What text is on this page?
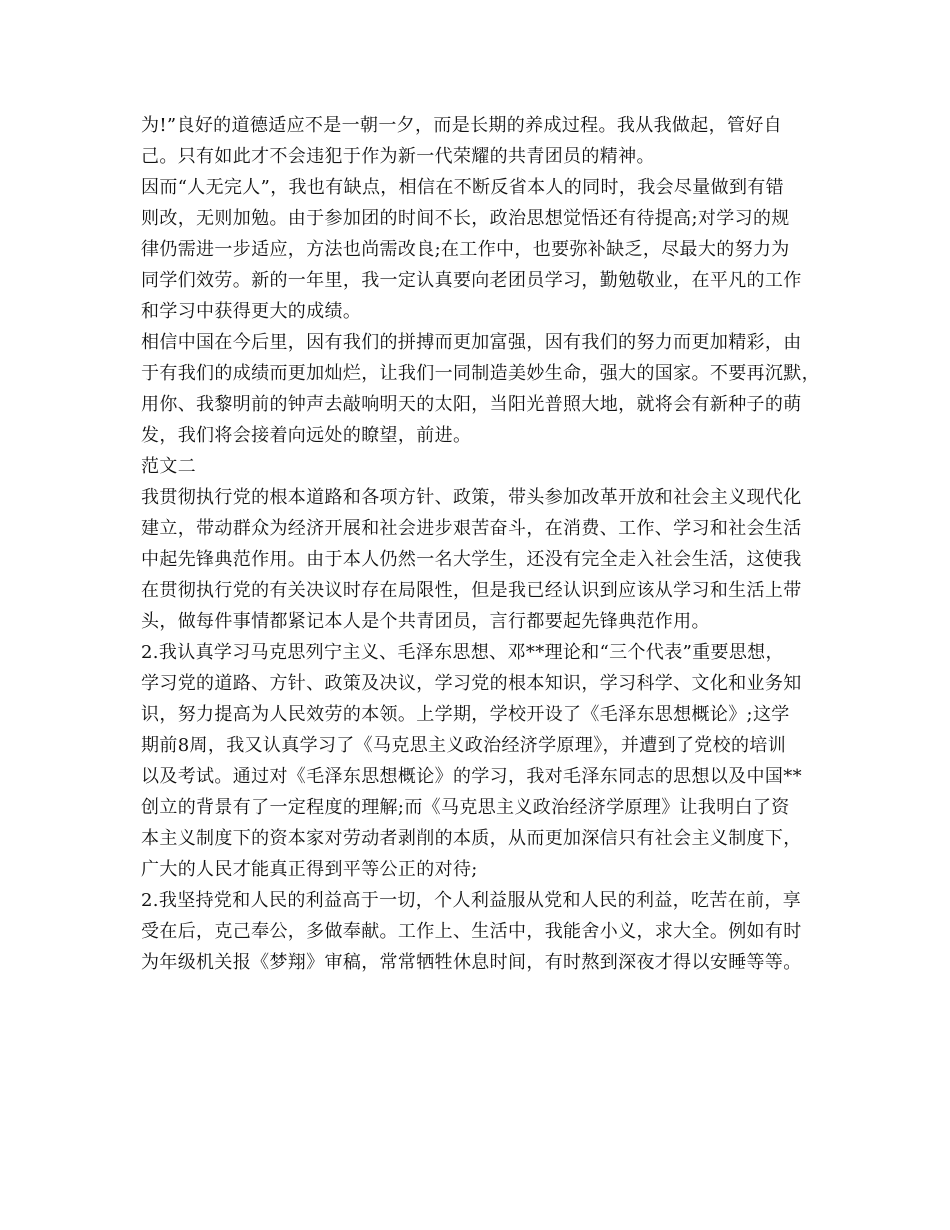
为!”良好的道德适应不是一朝一夕，而是长期的养成过程。我从我做起，管好自
己。只有如此才不会违犯于作为新一代荣耀的共青团员的精神。
因而“人无完人”，我也有缺点，相信在不断反省本人的同时，我会尽量做到有错
则改，无则加勉。由于参加团的时间不长，政治思想觉悟还有待提高;对学习的规
律仍需进一步适应，方法也尚需改良;在工作中，也要弥补缺乏，尽最大的努力为
同学们效劳。新的一年里，我一定认真要向老团员学习，勤勉敬业，在平凡的工作
和学习中获得更大的成绩。
相信中国在今后里，因有我们的拼搏而更加富强，因有我们的努力而更加精彩，由
于有我们的成绩而更加灿烂，让我们一同制造美妙生命，强大的国家。不要再沉默，
用你、我黎明前的钟声去敲响明天的太阳，当阳光普照大地，就将会有新种子的萌
发，我们将会接着向远处的瞭望，前进。
范文二
我贯彻执行党的根本道路和各项方针、政策，带头参加改革开放和社会主义现代化
建立，带动群众为经济开展和社会进步艰苦奋斗，在消费、工作、学习和社会生活
中起先锋典范作用。由于本人仍然一名大学生，还没有完全走入社会生活，这使我
在贯彻执行党的有关决议时存在局限性，但是我已经认识到应该从学习和生活上带
头，做每件事情都紧记本人是个共青团员，言行都要起先锋典范作用。
2.我认真学习马克思列宁主义、毛泽东思想、邓**理论和“三个代表”重要思想，
学习党的道路、方针、政策及决议，学习党的根本知识，学习科学、文化和业务知
识，努力提高为人民效劳的本领。上学期，学校开设了《毛泽东思想概论》;这学
期前8周，我又认真学习了《马克思主义政治经济学原理》，并遭到了党校的培训
以及考试。通过对《毛泽东思想概论》的学习，我对毛泽东同志的思想以及中国**
创立的背景有了一定程度的理解;而《马克思主义政治经济学原理》让我明白了资
本主义制度下的资本家对劳动者剥削的本质，从而更加深信只有社会主义制度下，
广大的人民才能真正得到平等公正的对待;
2.我坚持党和人民的利益高于一切，个人利益服从党和人民的利益，吃苦在前，享
受在后，克己奉公，多做奉献。工作上、生活中，我能舍小义，求大全。例如有时
为年级机关报《梦翔》审稿，常常牺牲休息时间，有时熬到深夜才得以安睡等等。
